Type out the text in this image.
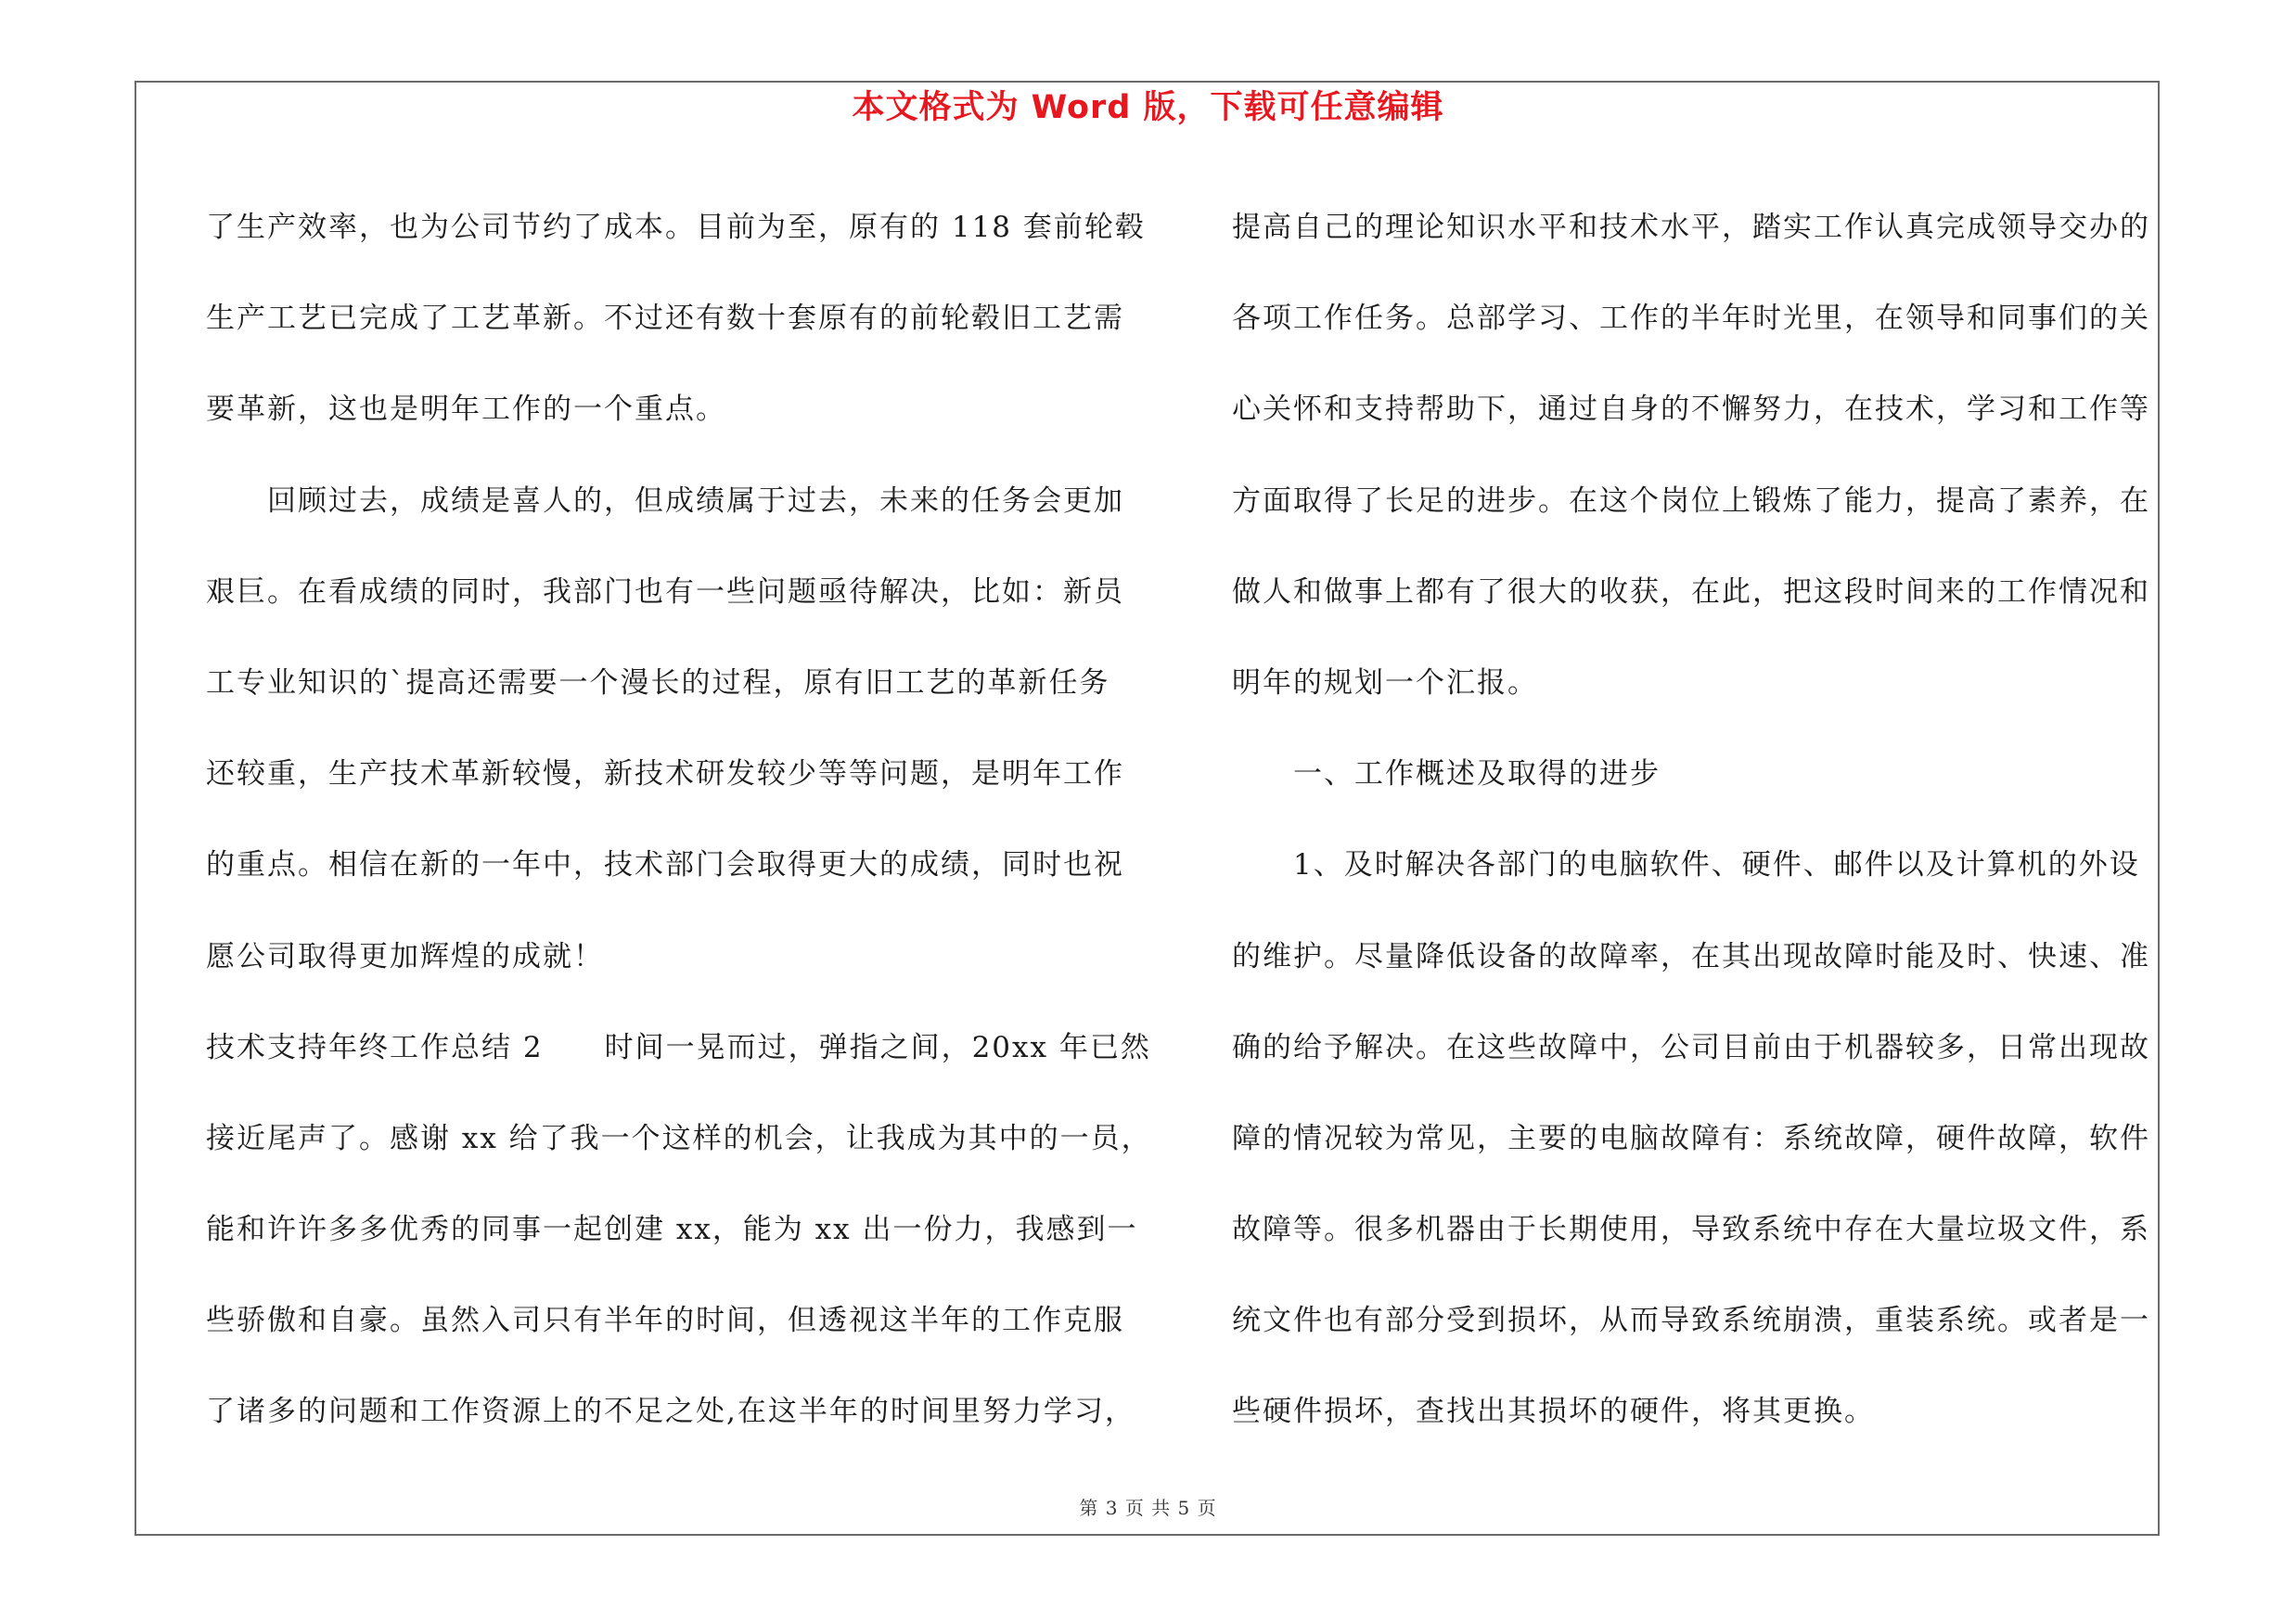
本文格式为 Word 版，下载可任意编辑
了生产效率，也为公司节约了成本。目前为至，原有的 118 套前轮毂
生产工艺已完成了工艺革新。不过还有数十套原有的前轮毂旧工艺需
要革新，这也是明年工作的一个重点。
回顾过去，成绩是喜人的，但成绩属于过去，未来的任务会更加
艰巨。在看成绩的同时，我部门也有一些问题亟待解决，比如：新员
工专业知识的`提高还需要一个漫长的过程，原有旧工艺的革新任务
还较重，生产技术革新较慢，新技术研发较少等等问题，是明年工作
的重点。相信在新的一年中，技术部门会取得更大的成绩，同时也祝
愿公司取得更加辉煌的成就！
技术支持年终工作总结 2　　时间一晃而过，弹指之间，20xx 年已然
接近尾声了。感谢 xx 给了我一个这样的机会，让我成为其中的一员，
能和许许多多优秀的同事一起创建 xx，能为 xx 出一份力，我感到一
些骄傲和自豪。虽然入司只有半年的时间，但透视这半年的工作克服
了诸多的问题和工作资源上的不足之处,在这半年的时间里努力学习，
提高自己的理论知识水平和技术水平，踏实工作认真完成领导交办的
各项工作任务。总部学习、工作的半年时光里，在领导和同事们的关
心关怀和支持帮助下，通过自身的不懈努力，在技术，学习和工作等
方面取得了长足的进步。在这个岗位上锻炼了能力，提高了素养，在
做人和做事上都有了很大的收获，在此，把这段时间来的工作情况和
明年的规划一个汇报。
一、工作概述及取得的进步
1、及时解决各部门的电脑软件、硬件、邮件以及计算机的外设
的维护。尽量降低设备的故障率，在其出现故障时能及时、快速、准
确的给予解决。在这些故障中，公司目前由于机器较多，日常出现故
障的情况较为常见，主要的电脑故障有：系统故障，硬件故障，软件
故障等。很多机器由于长期使用，导致系统中存在大量垃圾文件，系
统文件也有部分受到损坏，从而导致系统崩溃，重装系统。或者是一
些硬件损坏，查找出其损坏的硬件，将其更换。
第 3 页 共 5 页
